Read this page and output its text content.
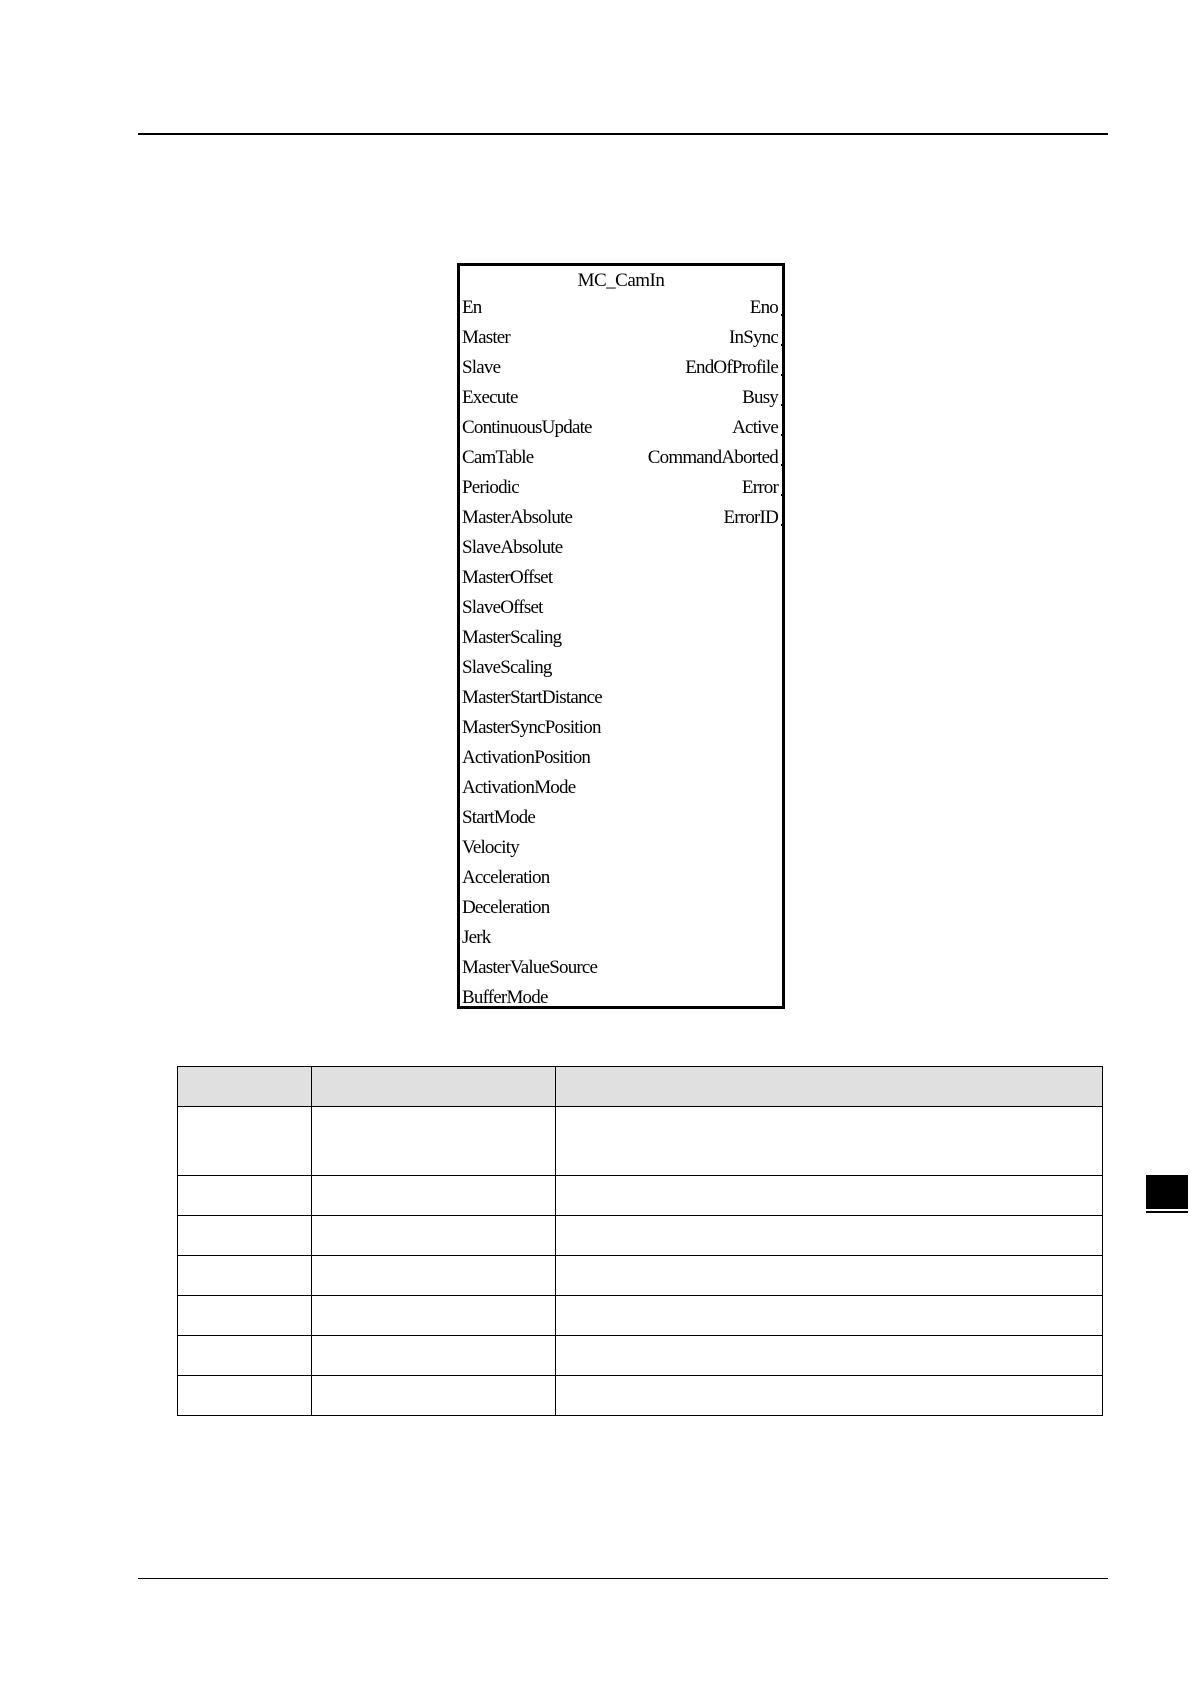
MC_CamIn
En
Master
Slave
Execute
ContinuousUpdate
CamTable
Periodic
MasterAbsolute
SlaveAbsolute
MasterOffset
SlaveOffset
MasterScaling
SlaveScaling
MasterStartDistance
MasterSyncPosition
ActivationPosition
ActivationMode
StartMode
Velocity
Acceleration
Deceleration
Jerk
MasterValueSource
BufferMode
Eno
InSync
EndOfProfile
Busy
Active
CommandAborted
Error
ErrorID
